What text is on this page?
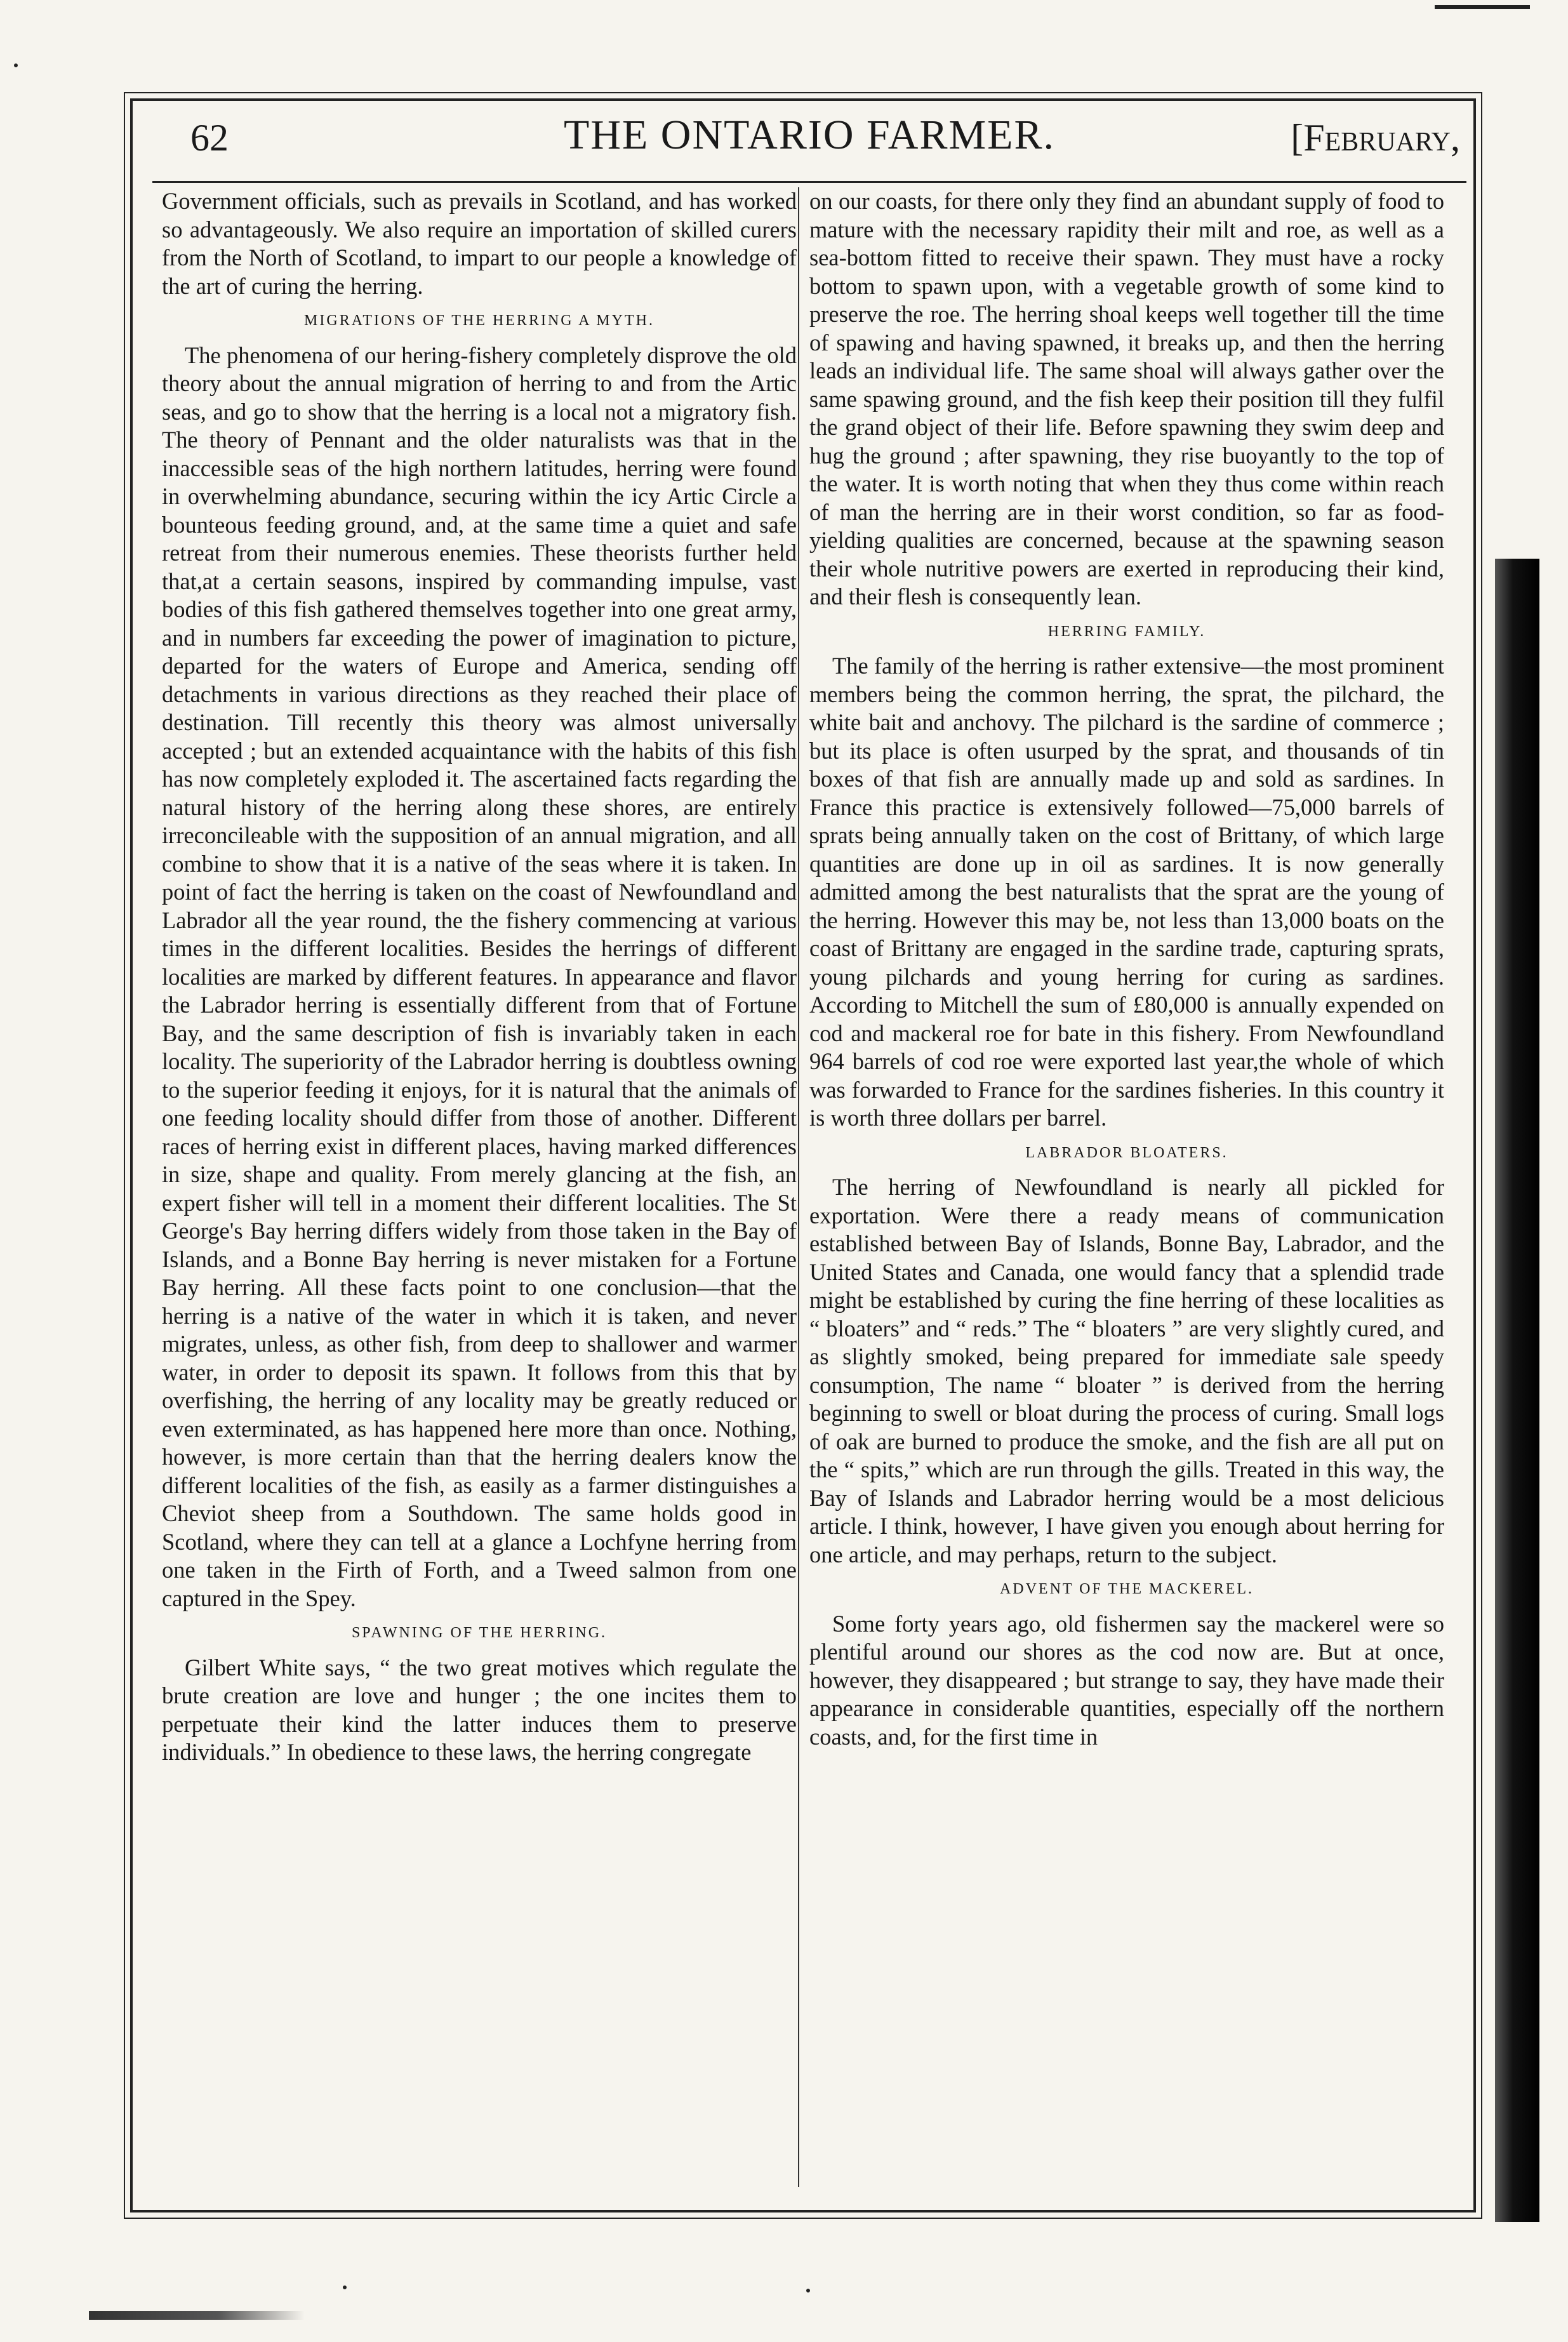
62	THE ONTARIO FARMER.	[February,

Government officials, such as prevails in Scotland, and has worked so advantageously. We also require an importation of skilled curers from the North of Scotland, to impart to our people a knowledge of the art of curing the herring.

MIGRATIONS OF THE HERRING A MYTH.

The phenomena of our hering-fishery completely disprove the old theory about the annual migration of herring to and from the Artic seas, and go to show that the herring is a local not a migratory fish. The theory of Pennant and the older naturalists was that in the inaccessible seas of the high northern latitudes, herring were found in overwhelming abundance, securing within the icy Artic Circle a bounteous feeding ground, and, at the same time a quiet and safe retreat from their numerous enemies. These theorists further held that,at a certain seasons, inspired by commanding impulse, vast bodies of this fish gathered themselves together into one great army, and in numbers far exceeding the power of imagination to picture, departed for the waters of Europe and America, sending off detachments in various directions as they reached their place of destination. Till recently this theory was almost universally accepted ; but an extended acquaintance with the habits of this fish has now completely exploded it. The ascertained facts regarding the natural history of the herring along these shores, are entirely irreconcileable with the supposition of an annual migration, and all combine to show that it is a native of the seas where it is taken. In point of fact the herring is taken on the coast of Newfoundland and Labrador all the year round, the the fishery commencing at various times in the different localities. Besides the herrings of different localities are marked by different features. In appearance and flavor the Labrador herring is essentially different from that of Fortune Bay, and the same description of fish is invariably taken in each locality. The superiority of the Labrador herring is doubtless owning to the superior feeding it enjoys, for it is natural that the animals of one feeding locality should differ from those of another. Different races of herring exist in different places, having marked differences in size, shape and quality. From merely glancing at the fish, an expert fisher will tell in a moment their different localities. The St George's Bay herring differs widely from those taken in the Bay of Islands, and a Bonne Bay herring is never mistaken for a Fortune Bay herring. All these facts point to one conclusion—that the herring is a native of the water in which it is taken, and never migrates, unless, as other fish, from deep to shallower and warmer water, in order to deposit its spawn. It follows from this that by overfishing, the herring of any locality may be greatly reduced or even exterminated, as has happened here more than once. Nothing, however, is more certain than that the herring dealers know the different localities of the fish, as easily as a farmer distinguishes a Cheviot sheep from a Southdown. The same holds good in Scotland, where they can tell at a glance a Lochfyne herring from one taken in the Firth of Forth, and a Tweed salmon from one captured in the Spey.

SPAWNING OF THE HERRING.

Gilbert White says, “ the two great motives which regulate the brute creation are love and hunger ; the one incites them to perpetuate their kind the latter induces them to preserve individuals.” In obedience to these laws, the herring congregate

on our coasts, for there only they find an abundant supply of food to mature with the necessary rapidity their milt and roe, as well as a sea-bottom fitted to receive their spawn. They must have a rocky bottom to spawn upon, with a vegetable growth of some kind to preserve the roe. The herring shoal keeps well together till the time of spawing and having spawned, it breaks up, and then the herring leads an individual life. The same shoal will always gather over the same spawing ground, and the fish keep their position till they fulfil the grand object of their life. Before spawning they swim deep and hug the ground ; after spawning, they rise buoyantly to the top of the water. It is worth noting that when they thus come within reach of man the herring are in their worst condition, so far as food-yielding qualities are concerned, because at the spawning season their whole nutritive powers are exerted in reproducing their kind, and their flesh is consequently lean.

HERRING FAMILY.

The family of the herring is rather extensive—the most prominent members being the common herring, the sprat, the pilchard, the white bait and anchovy. The pilchard is the sardine of commerce ; but its place is often usurped by the sprat, and thousands of tin boxes of that fish are annually made up and sold as sardines. In France this practice is extensively followed—75,000 barrels of sprats being annually taken on the cost of Brittany, of which large quantities are done up in oil as sardines. It is now generally admitted among the best naturalists that the sprat are the young of the herring. However this may be, not less than 13,000 boats on the coast of Brittany are engaged in the sardine trade, capturing sprats, young pilchards and young herring for curing as sardines. According to Mitchell the sum of £80,000 is annually expended on cod and mackeral roe for bate in this fishery. From Newfoundland 964 barrels of cod roe were exported last year,the whole of which was forwarded to France for the sardines fisheries. In this country it is worth three dollars per barrel.

LABRADOR BLOATERS.

The herring of Newfoundland is nearly all pickled for exportation. Were there a ready means of communication established between Bay of Islands, Bonne Bay, Labrador, and the United States and Canada, one would fancy that a splendid trade might be established by curing the fine herring of these localities as “ bloaters” and “ reds.” The “ bloaters ” are very slightly cured, and as slightly smoked, being prepared for immediate sale speedy consumption, The name “ bloater ” is derived from the herring beginning to swell or bloat during the process of curing. Small logs of oak are burned to produce the smoke, and the fish are all put on the “ spits,” which are run through the gills. Treated in this way, the Bay of Islands and Labrador herring would be a most delicious article. I think, however, I have given you enough about herring for one article, and may perhaps, return to the subject.

ADVENT OF THE MACKEREL.

Some forty years ago, old fishermen say the mackerel were so plentiful around our shores as the cod now are. But at once, however, they disappeared ; but strange to say, they have made their appearance in considerable quantities, especially off the northern coasts, and, for the first time in
